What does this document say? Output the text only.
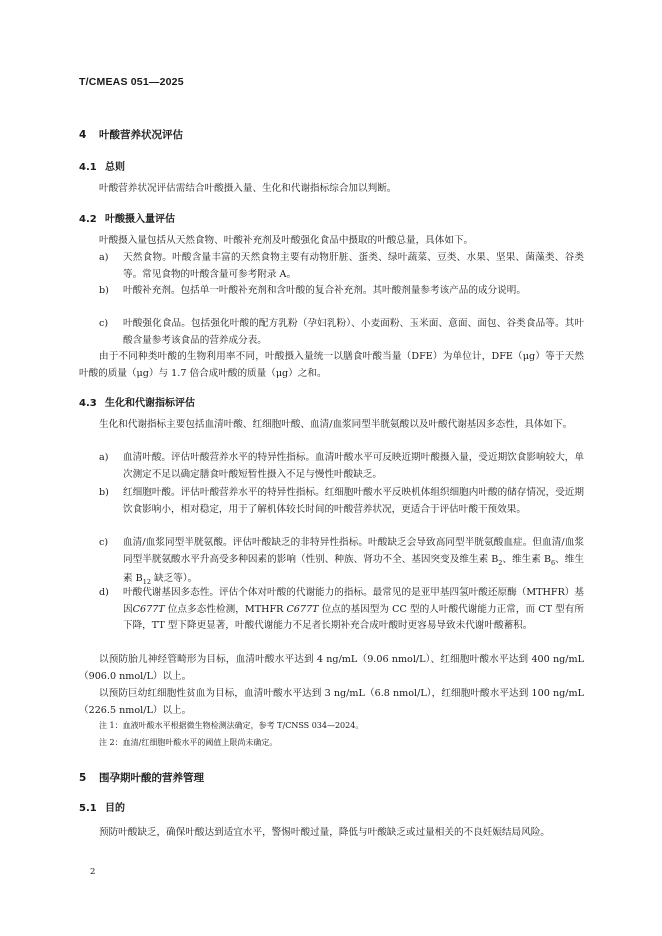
T/CMEAS 051—2025
4 叶酸营养状况评估
4.1 总则
叶酸营养状况评估需结合叶酸摄入量、生化和代谢指标综合加以判断。
4.2 叶酸摄入量评估
叶酸摄入量包括从天然食物、叶酸补充剂及叶酸强化食品中摄取的叶酸总量，具体如下。
a)	天然食物。叶酸含量丰富的天然食物主要有动物肝脏、蛋类、绿叶蔬菜、豆类、水果、坚果、菌藻类、谷类等。常见食物的叶酸含量可参考附录 A。
b)	叶酸补充剂。包括单一叶酸补充剂和含叶酸的复合补充剂。其叶酸剂量参考该产品的成分说明。
c)	叶酸强化食品。包括强化叶酸的配方乳粉（孕妇乳粉）、小麦面粉、玉米面、意面、面包、谷类食品等。其叶酸含量参考该食品的营养成分表。
由于不同种类叶酸的生物利用率不同，叶酸摄入量统一以膳食叶酸当量（DFE）为单位计，DFE（μg）等于天然叶酸的质量（μg）与 1.7 倍合成叶酸的质量（μg）之和。
4.3 生化和代谢指标评估
生化和代谢指标主要包括血清叶酸、红细胞叶酸、血清/血浆同型半胱氨酸以及叶酸代谢基因多态性，具体如下。
a)	血清叶酸。评估叶酸营养水平的特异性指标。血清叶酸水平可反映近期叶酸摄入量，受近期饮食影响较大，单次测定不足以确定膳食叶酸短暂性摄入不足与慢性叶酸缺乏。
b)	红细胞叶酸。评估叶酸营养水平的特异性指标。红细胞叶酸水平反映机体组织细胞内叶酸的储存情况，受近期饮食影响小，相对稳定，用于了解机体较长时间的叶酸营养状况，更适合于评估叶酸干预效果。
c)	血清/血浆同型半胱氨酸。评估叶酸缺乏的非特异性指标。叶酸缺乏会导致高同型半胱氨酸血症。但血清/血浆同型半胱氨酸水平升高受多种因素的影响（性别、种族、肾功不全、基因突变及维生素 $B_2$、维生素 $B_6$、维生素 $B_{12}$ 缺乏等）。
d)	叶酸代谢基因多态性。评估个体对叶酸的代谢能力的指标。最常见的是亚甲基四氢叶酸还原酶（MTHFR）基因C677T 位点多态性检测，MTHFR C677T 位点的基因型为 CC 型的人叶酸代谢能力正常，而 CT 型有所下降，TT 型下降更显著，叶酸代谢能力不足者长期补充合成叶酸时更容易导致未代谢叶酸蓄积。
以预防胎儿神经管畸形为目标，血清叶酸水平达到 4 ng/mL（9.06 nmol/L）、红细胞叶酸水平达到 400 ng/mL（906.0 nmol/L）以上。
以预防巨幼红细胞性贫血为目标，血清叶酸水平达到 3 ng/mL（6.8 nmol/L），红细胞叶酸水平达到 100 ng/mL（226.5 nmol/L）以上。
注 1：血液叶酸水平根据微生物检测法确定，参考 T/CNSS 034—2024。
注 2：血清/红细胞叶酸水平的阈值上限尚未确定。
5 围孕期叶酸的营养管理
5.1 目的
预防叶酸缺乏，确保叶酸达到适宜水平，警惕叶酸过量，降低与叶酸缺乏或过量相关的不良妊娠结局风险。
2
